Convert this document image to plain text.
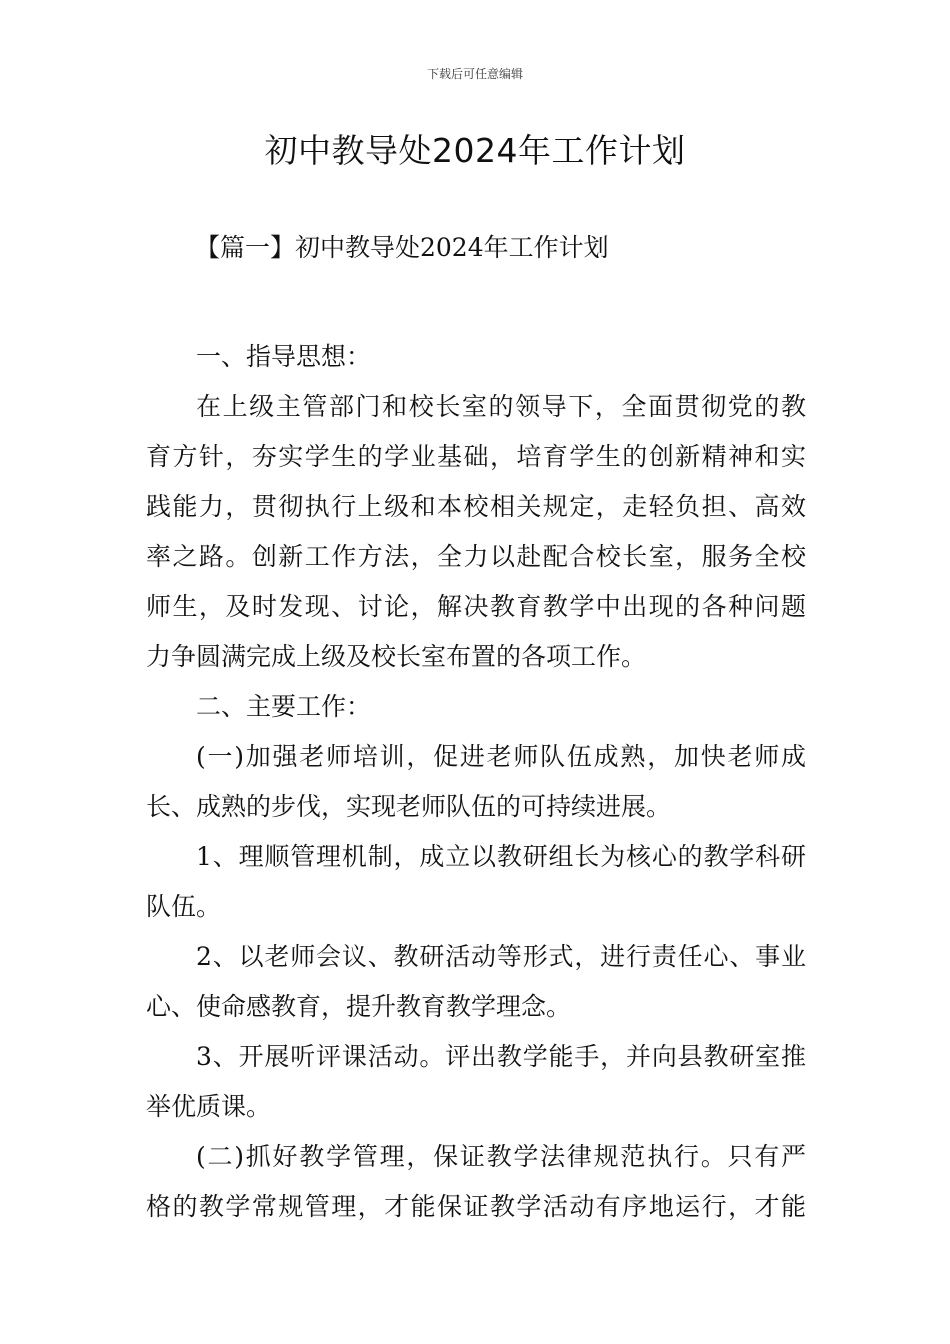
下载后可任意编辑
初中教导处2024年工作计划
【篇一】初中教导处2024年工作计划

一、指导思想：

在上级主管部门和校长室的领导下，全面贯彻党的教
育方针，夯实学生的学业基础，培育学生的创新精神和实
践能力，贯彻执行上级和本校相关规定，走轻负担、高效
率之路。创新工作方法，全力以赴配合校长室，服务全校
师生，及时发现、讨论，解决教育教学中出现的各种问题
力争圆满完成上级及校长室布置的各项工作。

二、主要工作：

(一)加强老师培训，促进老师队伍成熟，加快老师成
长、成熟的步伐，实现老师队伍的可持续进展。

1、理顺管理机制，成立以教研组长为核心的教学科研
队伍。

2、以老师会议、教研活动等形式，进行责任心、事业
心、使命感教育，提升教育教学理念。

3、开展听评课活动。评出教学能手，并向县教研室推
举优质课。

(二)抓好教学管理，保证教学法律规范执行。只有严
格的教学常规管理，才能保证教学活动有序地运行，才能
